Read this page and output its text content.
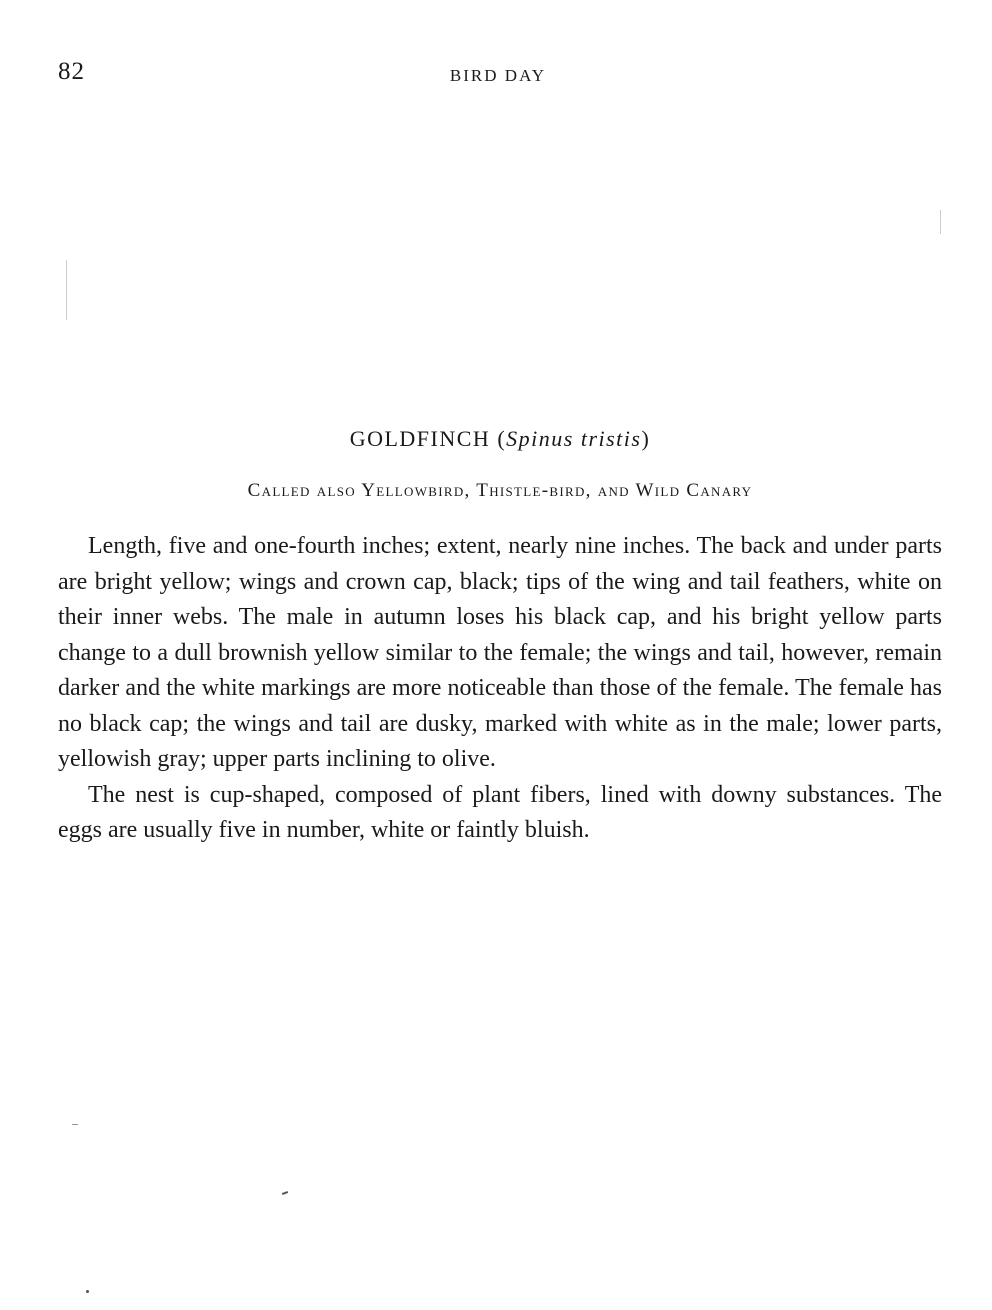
82	BIRD DAY
GOLDFINCH (Spinus tristis)
Called also Yellowbird, Thistle-bird, and Wild Canary

Length, five and one-fourth inches; extent, nearly nine inches. The back and under parts are bright yellow; wings and crown cap, black; tips of the wing and tail feathers, white on their inner webs. The male in autumn loses his black cap, and his bright yellow parts change to a dull brownish yellow similar to the female; the wings and tail, however, remain darker and the white markings are more noticeable than those of the female. The female has no black cap; the wings and tail are dusky, marked with white as in the male; lower parts, yellowish gray; upper parts inclining to olive.

The nest is cup-shaped, composed of plant fibers, lined with downy substances. The eggs are usually five in number, white or faintly bluish.
